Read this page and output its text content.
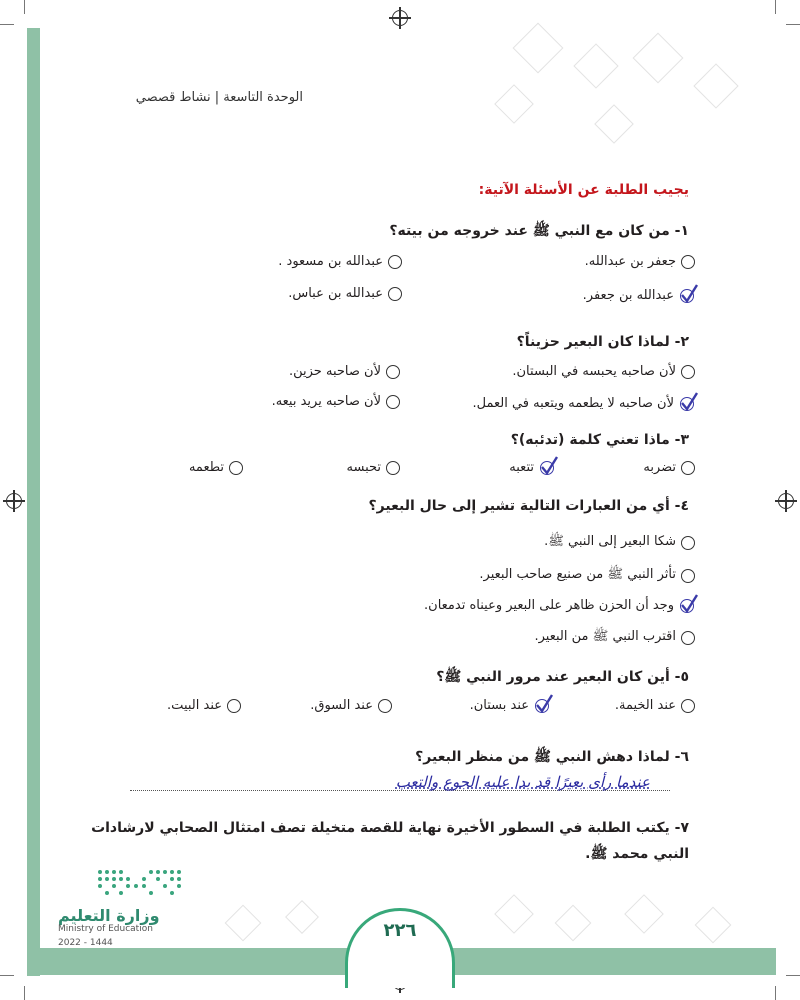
الوحدة التاسعة | نشاط قصصي
يجيب الطلبة عن الأسئلة الآتية:
١- من كان مع النبي ﷺ عند خروجه من بيته؟
جعفر بن عبدالله.
عبدالله بن مسعود .
عبدالله بن جعفر.
عبدالله بن عباس.
٢- لماذا كان البعير حزيناً؟
لأن صاحبه يحبسه في البستان.
لأن صاحبه حزين.
لأن صاحبه لا يطعمه ويتعبه في العمل.
لأن صاحبه يريد بيعه.
٣- ماذا تعني كلمة (تدئبه)؟
تضربه
تتعبه
تحبسه
تطعمه
٤- أي من العبارات التالية تشير إلى حال البعير؟
شكا البعير إلى النبي ﷺ.
تأثر النبي ﷺ من صنيع صاحب البعير.
وجد أن الحزن ظاهر على البعير وعيناه تدمعان.
اقترب النبي ﷺ من البعير.
٥- أين كان البعير عند مرور النبي ﷺ؟
عند الخيمة.
عند بستان.
عند السوق.
عند البيت.
٦- لماذا دهش النبي ﷺ من منظر البعير؟
عندما رأى بعيرًا قد بدا عليه الجوع والتعب
٧- يكتب الطلبة في السطور الأخيرة نهاية للقصة متخيلة تصف امتثال الصحابي لارشادات النبي محمد ﷺ.
وزارة التعليم
Ministry of Education
2022 - 1444
٢٢٦
